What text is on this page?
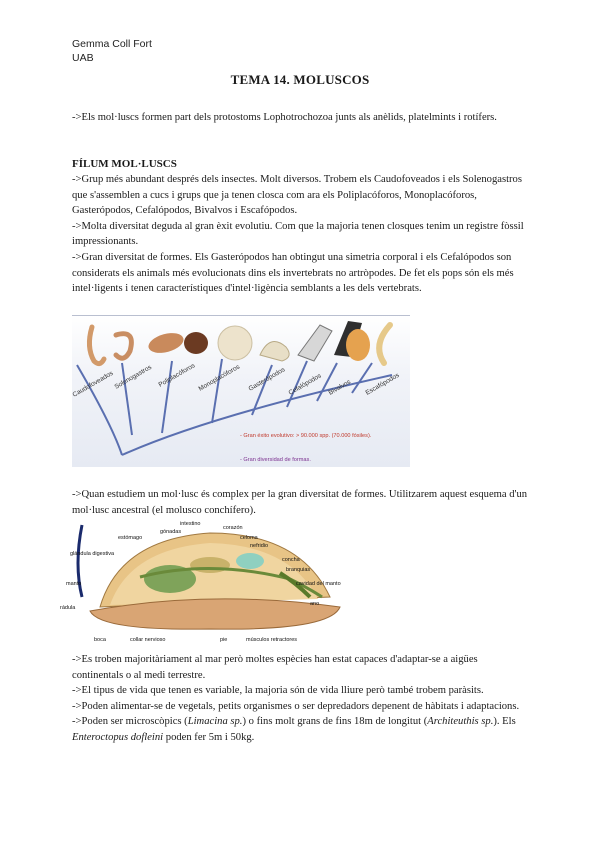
Gemma Coll Fort
UAB
TEMA 14. MOLUSCOS

->Els mol·luscs formen part dels protostoms Lophotrochozoa junts als anèlids, platelmints i rotífers.

FÍLUM MOL·LUSCS

->Grup més abundant després dels insectes. Molt diversos. Trobem els Caudofoveados i els Solenogastros que s'assemblen a cucs i grups que ja tenen closca com ara els Poliplacóforos, Monoplacóforos, Gasterópodos, Cefalópodos, Bivalvos i Escafópodos.

->Molta diversitat deguda al gran èxit evolutiu. Com que la majoria tenen closques tenim un registre fòssil impressionants.

->Gran diversitat de formes. Els Gasterópodos han obtingut una simetria corporal i els Cefalópodos son considerats els animals més evolucionats dins els invertebrats no artròpodes. De fet els pops són els més intel·ligents i tenen característiques d'intel·ligència semblants a les dels vertebrats.

Caudofoveados Solenogastros Poliplacóforos Monoplacóforos Gasterópodos Cefalópodos Bivalvos Escafópodos
- Gran éxito evolutivo: > 90.000 spp. (70.000 fósiles).
- Gran diversidad de formas.

->Quan estudiem un mol·lusc és complex per la gran diversitat de formes. Utilitzarem aquest esquema d'un mol·lusc ancestral (el molusco conchífero).

intestino
gónadas
corazón
estómago	celoma
nefridio
glándula digestiva
concha
branquias
cavidad del manto
manto
ano
rádula
boca	collar nervioso	pie	músculos retractores

->Es troben majoritàriament al mar però moltes espècies han estat capaces d'adaptar-se a aigües continentals o al medi terrestre.

->El tipus de vida que tenen es variable, la majoria són de vida lliure però també trobem paràsits.

->Poden alimentar-se de vegetals, petits organismes o ser depredadors depenent de hàbitats i adaptacions.

->Poden ser microscòpics (Limacina sp.) o fins molt grans de fins 18m de longitut (Architeuthis sp.). Els Enteroctopus dofleini poden fer 5m i 50kg.
